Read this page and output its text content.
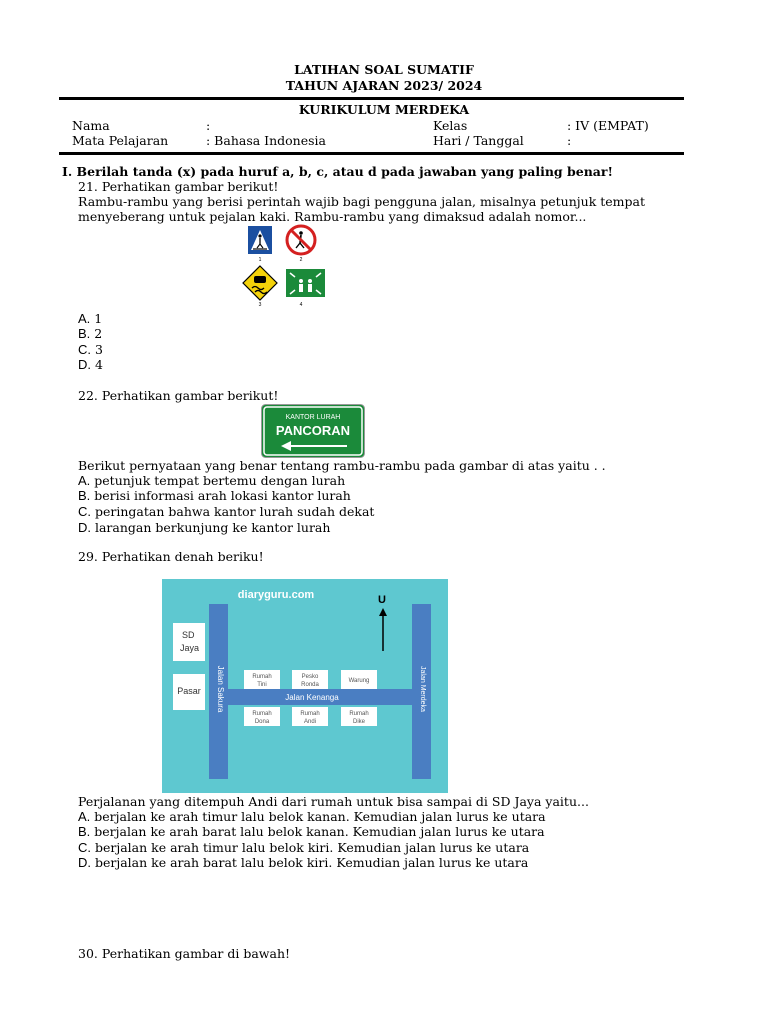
LATIHAN SOAL SUMATIF
TAHUN AJARAN 2023/ 2024
KURIKULUM MERDEKA
Nama	:	Kelas	: IV (EMPAT)
Mata Pelajaran	: Bahasa Indonesia	Hari / Tanggal	:
I. Berilah tanda (x) pada huruf a, b, c, atau d pada jawaban yang paling benar!
21. Perhatikan gambar berikut!
Rambu-rambu yang berisi perintah wajib bagi pengguna jalan, misalnya petunjuk tempat
menyeberang untuk pejalan kaki. Rambu-rambu yang dimaksud adalah nomor...
1	2
3	4
A. 1
B. 2
C. 3
D. 4
22. Perhatikan gambar berikut!
KANTOR LURAH
PANCORAN
Berikut pernyataan yang benar tentang rambu-rambu pada gambar di atas yaitu . .
A. petunjuk tempat bertemu dengan lurah
B. berisi informasi arah lokasi kantor lurah
C. peringatan bahwa kantor lurah sudah dekat
D. larangan berkunjung ke kantor lurah
29. Perhatikan denah beriku!
diaryguru.com
Jalan Sakura	Jalan Merdeka
Jalan Kenanga
U
SD
Jaya
Pasar
Rumah
Tini
Pesko
Ronda
Warung
Rumah
Dona
Rumah
Andi
Rumah
Dike
Perjalanan yang ditempuh Andi dari rumah untuk bisa sampai di SD Jaya yaitu...
A. berjalan ke arah timur lalu belok kanan. Kemudian jalan lurus ke utara
B. berjalan ke arah barat lalu belok kanan. Kemudian jalan lurus ke utara
C. berjalan ke arah timur lalu belok kiri. Kemudian jalan lurus ke utara
D. berjalan ke arah barat lalu belok kiri. Kemudian jalan lurus ke utara
30. Perhatikan gambar di bawah!
